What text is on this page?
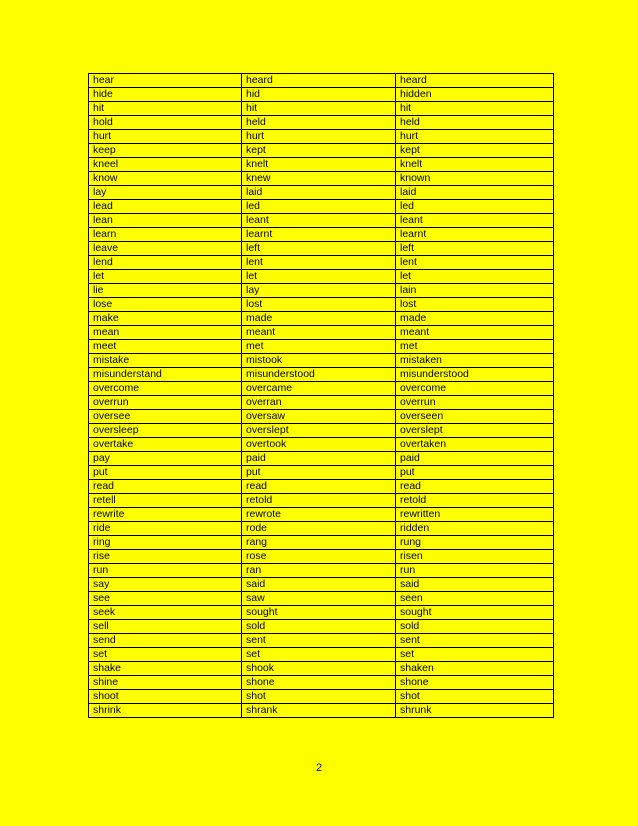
hear	heard	heard
hide	hid	hidden
hit	hit	hit
hold	held	held
hurt	hurt	hurt
keep	kept	kept
kneel	knelt	knelt
know	knew	known
lay	laid	laid
lead	led	led
lean	leant	leant
learn	learnt	learnt
leave	left	left
lend	lent	lent
let	let	let
lie	lay	lain
lose	lost	lost
make	made	made
mean	meant	meant
meet	met	met
mistake	mistook	mistaken
misunderstand	misunderstood	misunderstood
overcome	overcame	overcome
overrun	overran	overrun
oversee	oversaw	overseen
oversleep	overslept	overslept
overtake	overtook	overtaken
pay	paid	paid
put	put	put
read	read	read
retell	retold	retold
rewrite	rewrote	rewritten
ride	rode	ridden
ring	rang	rung
rise	rose	risen
run	ran	run
say	said	said
see	saw	seen
seek	sought	sought
sell	sold	sold
send	sent	sent
set	set	set
shake	shook	shaken
shine	shone	shone
shoot	shot	shot
shrink	shrank	shrunk
2
